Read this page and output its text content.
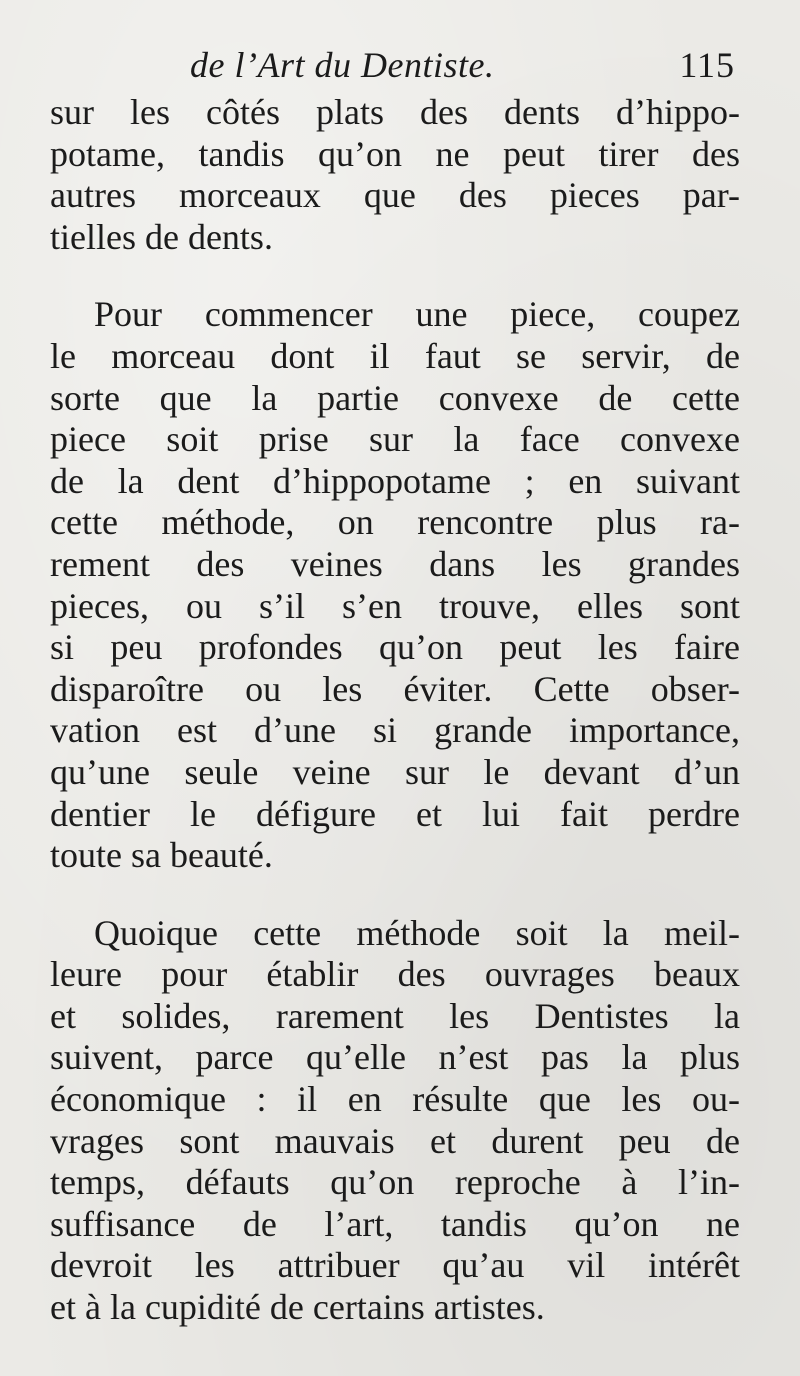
de l’Art du Dentiste.	115
sur les côtés plats des dents d’hippo-
potame, tandis qu’on ne peut tirer des
autres morceaux que des pieces par-
tielles de dents.
Pour commencer une piece, coupez
le morceau dont il faut se servir, de
sorte que la partie convexe de cette
piece soit prise sur la face convexe
de la dent d’hippopotame ; en suivant
cette méthode, on rencontre plus ra-
rement des veines dans les grandes
pieces, ou s’il s’en trouve, elles sont
si peu profondes qu’on peut les faire
disparoître ou les éviter. Cette obser-
vation est d’une si grande importance,
qu’une seule veine sur le devant d’un
dentier le défigure et lui fait perdre
toute sa beauté.
Quoique cette méthode soit la meil-
leure pour établir des ouvrages beaux
et solides, rarement les Dentistes la
suivent, parce qu’elle n’est pas la plus
économique : il en résulte que les ou-
vrages sont mauvais et durent peu de
temps, défauts qu’on reproche à l’in-
suffisance de l’art, tandis qu’on ne
devroit les attribuer qu’au vil intérêt
et à la cupidité de certains artistes.
